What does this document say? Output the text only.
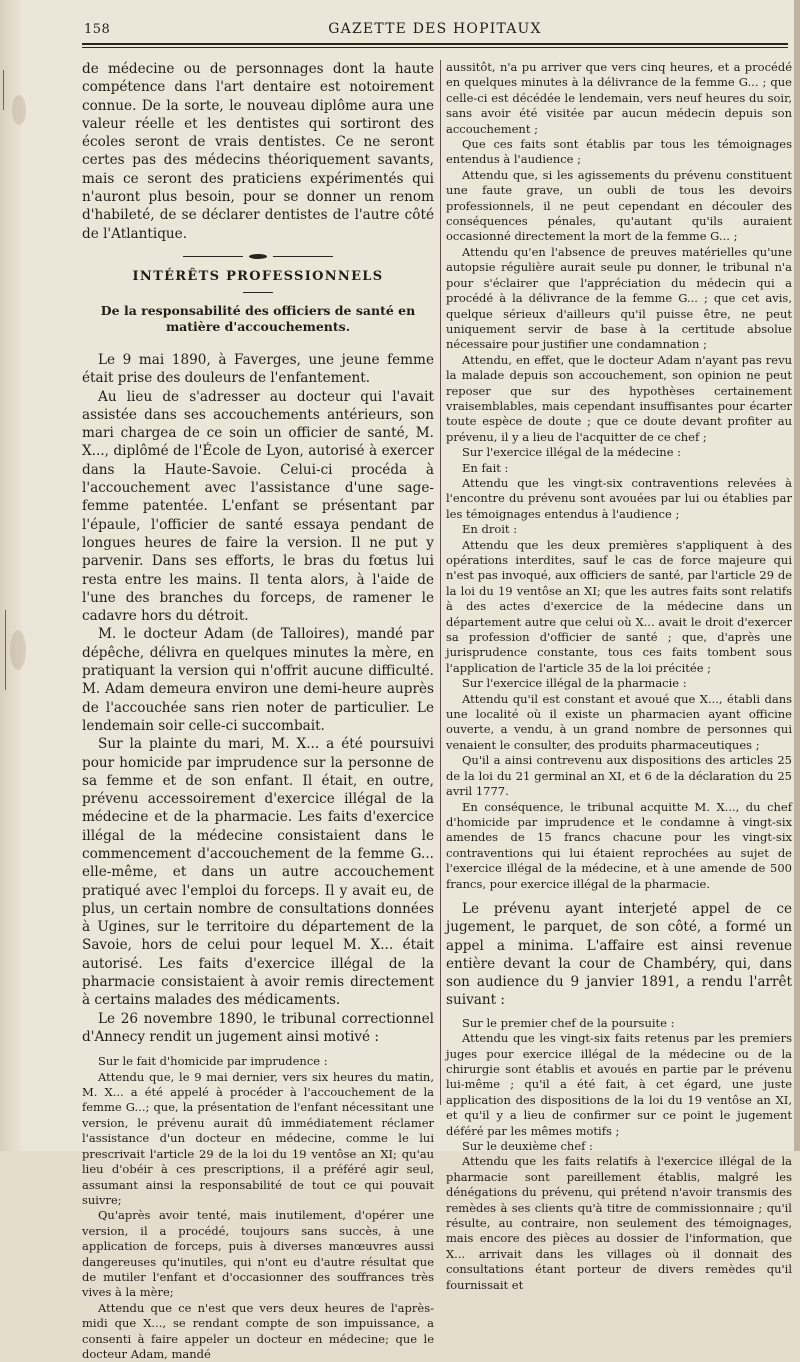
158	GAZETTE DES HOPITAUX

de médecine ou de personnages dont la haute compétence dans l'art dentaire est notoirement connue. De la sorte, le nouveau diplôme aura une valeur réelle et les dentistes qui sortiront des écoles seront de vrais dentistes. Ce ne seront certes pas des médecins théoriquement savants, mais ce seront des praticiens expérimentés qui n'auront plus besoin, pour se donner un renom d'habileté, de se déclarer dentistes de l'autre côté de l'Atlantique.

INTÉRÊTS PROFESSIONNELS
De la responsabilité des officiers de santé en matière d'accouchements.

Le 9 mai 1890, à Faverges, une jeune femme était prise des douleurs de l'enfantement.

Au lieu de s'adresser au docteur qui l'avait assistée dans ses accouchements antérieurs, son mari chargea de ce soin un officier de santé, M. X..., diplômé de l'École de Lyon, autorisé à exercer dans la Haute-Savoie. Celui-ci procéda à l'accouchement avec l'assistance d'une sage-femme patentée. L'enfant se présentant par l'épaule, l'officier de santé essaya pendant de longues heures de faire la version. Il ne put y parvenir. Dans ses efforts, le bras du fœtus lui resta entre les mains. Il tenta alors, à l'aide de l'une des branches du forceps, de ramener le cadavre hors du détroit.

M. le docteur Adam (de Talloires), mandé par dépêche, délivra en quelques minutes la mère, en pratiquant la version qui n'offrit aucune difficulté. M. Adam demeura environ une demi-heure auprès de l'accouchée sans rien noter de particulier. Le lendemain soir celle-ci succombait.

Sur la plainte du mari, M. X... a été poursuivi pour homicide par imprudence sur la personne de sa femme et de son enfant. Il était, en outre, prévenu accessoirement d'exercice illégal de la médecine et de la pharmacie. Les faits d'exercice illégal de la médecine consistaient dans le commencement d'accouchement de la femme G... elle-même, et dans un autre accouchement pratiqué avec l'emploi du forceps. Il y avait eu, de plus, un certain nombre de consultations données à Ugines, sur le territoire du département de la Savoie, hors de celui pour lequel M. X... était autorisé. Les faits d'exercice illégal de la pharmacie consistaient à avoir remis directement à certains malades des médicaments.

Le 26 novembre 1890, le tribunal correctionnel d'Annecy rendit un jugement ainsi motivé :

Sur le fait d'homicide par imprudence :

Attendu que, le 9 mai dernier, vers six heures du matin, M. X... a été appelé à procéder à l'accouchement de la femme G...; que, la présentation de l'enfant nécessitant une version, le prévenu aurait dû immédiatement réclamer l'assistance d'un docteur en médecine, comme le lui prescrivait l'article 29 de la loi du 19 ventôse an XI; qu'au lieu d'obéir à ces prescriptions, il a préféré agir seul, assumant ainsi la responsabilité de tout ce qui pouvait suivre;

Qu'après avoir tenté, mais inutilement, d'opérer une version, il a procédé, toujours sans succès, à une application de forceps, puis à diverses manœuvres aussi dangereuses qu'inutiles, qui n'ont eu d'autre résultat que de mutiler l'enfant et d'occasionner des souffrances très vives à la mère;

Attendu que ce n'est que vers deux heures de l'après-midi que X..., se rendant compte de son impuissance, a consenti à faire appeler un docteur en médecine; que le docteur Adam, mandé

aussitôt, n'a pu arriver que vers cinq heures, et a procédé en quelques minutes à la délivrance de la femme G... ; que celle-ci est décédée le lendemain, vers neuf heures du soir, sans avoir été visitée par aucun médecin depuis son accouchement ;

Que ces faits sont établis par tous les témoignages entendus à l'audience ;

Attendu que, si les agissements du prévenu constituent une faute grave, un oubli de tous les devoirs professionnels, il ne peut cependant en découler des conséquences pénales, qu'autant qu'ils auraient occasionné directement la mort de la femme G... ;

Attendu qu'en l'absence de preuves matérielles qu'une autopsie régulière aurait seule pu donner, le tribunal n'a pour s'éclairer que l'appréciation du médecin qui a procédé à la délivrance de la femme G... ; que cet avis, quelque sérieux d'ailleurs qu'il puisse être, ne peut uniquement servir de base à la certitude absolue nécessaire pour justifier une condamnation ;

Attendu, en effet, que le docteur Adam n'ayant pas revu la malade depuis son accouchement, son opinion ne peut reposer que sur des hypothèses certainement vraisemblables, mais cependant insuffisantes pour écarter toute espèce de doute ; que ce doute devant profiter au prévenu, il y a lieu de l'acquitter de ce chef ;

Sur l'exercice illégal de la médecine :

En fait :

Attendu que les vingt-six contraventions relevées à l'encontre du prévenu sont avouées par lui ou établies par les témoignages entendus à l'audience ;

En droit :

Attendu que les deux premières s'appliquent à des opérations interdites, sauf le cas de force majeure qui n'est pas invoqué, aux officiers de santé, par l'article 29 de la loi du 19 ventôse an XI; que les autres faits sont relatifs à des actes d'exercice de la médecine dans un département autre que celui où X... avait le droit d'exercer sa profession d'officier de santé ; que, d'après une jurisprudence constante, tous ces faits tombent sous l'application de l'article 35 de la loi précitée ;

Sur l'exercice illégal de la pharmacie :

Attendu qu'il est constant et avoué que X..., établi dans une localité où il existe un pharmacien ayant officine ouverte, a vendu, à un grand nombre de personnes qui venaient le consulter, des produits pharmaceutiques ;

Qu'il a ainsi contrevenu aux dispositions des articles 25 de la loi du 21 germinal an XI, et 6 de la déclaration du 25 avril 1777.

En conséquence, le tribunal acquitte M. X..., du chef d'homicide par imprudence et le condamne à vingt-six amendes de 15 francs chacune pour les vingt-six contraventions qui lui étaient reprochées au sujet de l'exercice illégal de la médecine, et à une amende de 500 francs, pour exercice illégal de la pharmacie.

Le prévenu ayant interjeté appel de ce jugement, le parquet, de son côté, a formé un appel a minima. L'affaire est ainsi revenue entière devant la cour de Chambéry, qui, dans son audience du 9 janvier 1891, a rendu l'arrêt suivant :

Sur le premier chef de la poursuite :

Attendu que les vingt-six faits retenus par les premiers juges pour exercice illégal de la médecine ou de la chirurgie sont établis et avoués en partie par le prévenu lui-même ; qu'il a été fait, à cet égard, une juste application des dispositions de la loi du 19 ventôse an XI, et qu'il y a lieu de confirmer sur ce point le jugement déféré par les mêmes motifs ;

Sur le deuxième chef :

Attendu que les faits relatifs à l'exercice illégal de la pharmacie sont pareillement établis, malgré les dénégations du prévenu, qui prétend n'avoir transmis des remèdes à ses clients qu'à titre de commissionnaire ; qu'il résulte, au contraire, non seulement des témoignages, mais encore des pièces au dossier de l'information, que X... arrivait dans les villages où il donnait des consultations étant porteur de divers remèdes qu'il fournissait et
